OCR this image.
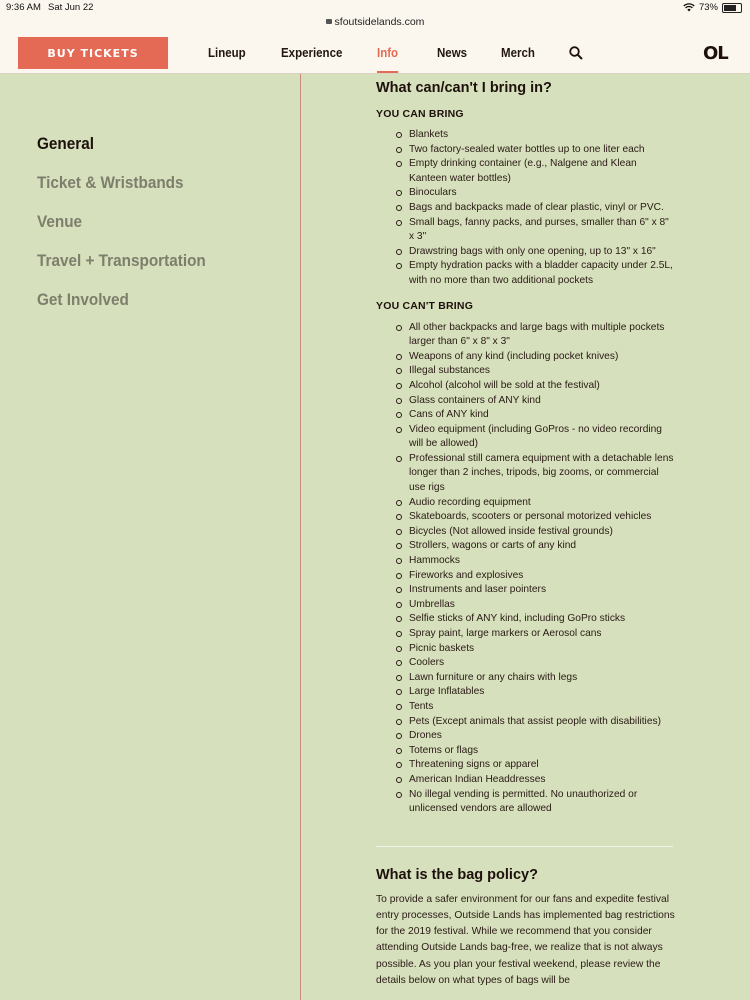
9:36 AM Sat Jun 22
sfoutsidelands.com
73%
BUY TICKETS	Lineup	Experience	Info	News	Merch	OL
General
Ticket & Wristbands
Venue
Travel + Transportation
Get Involved
What can/can't I bring in?
YOU CAN BRING
Blankets
Two factory-sealed water bottles up to one liter each
Empty drinking container (e.g., Nalgene and Klean Kanteen water bottles)
Binoculars
Bags and backpacks made of clear plastic, vinyl or PVC.
Small bags, fanny packs, and purses, smaller than 6" x 8" x 3"
Drawstring bags with only one opening, up to 13" x 16"
Empty hydration packs with a bladder capacity under 2.5L, with no more than two additional pockets
YOU CAN'T BRING
All other backpacks and large bags with multiple pockets larger than 6" x 8" x 3"
Weapons of any kind (including pocket knives)
Illegal substances
Alcohol (alcohol will be sold at the festival)
Glass containers of ANY kind
Cans of ANY kind
Video equipment (including GoPros - no video recording will be allowed)
Professional still camera equipment with a detachable lens longer than 2 inches, tripods, big zooms, or commercial use rigs
Audio recording equipment
Skateboards, scooters or personal motorized vehicles
Bicycles (Not allowed inside festival grounds)
Strollers, wagons or carts of any kind
Hammocks
Fireworks and explosives
Instruments and laser pointers
Umbrellas
Selfie sticks of ANY kind, including GoPro sticks
Spray paint, large markers or Aerosol cans
Picnic baskets
Coolers
Lawn furniture or any chairs with legs
Large Inflatables
Tents
Pets (Except animals that assist people with disabilities)
Drones
Totems or flags
Threatening signs or apparel
American Indian Headdresses
No illegal vending is permitted. No unauthorized or unlicensed vendors are allowed
What is the bag policy?

To provide a safer environment for our fans and expedite festival entry processes, Outside Lands has implemented bag restrictions for the 2019 festival. While we recommend that you consider attending Outside Lands bag-free, we realize that is not always possible. As you plan your festival weekend, please review the details below on what types of bags will be
